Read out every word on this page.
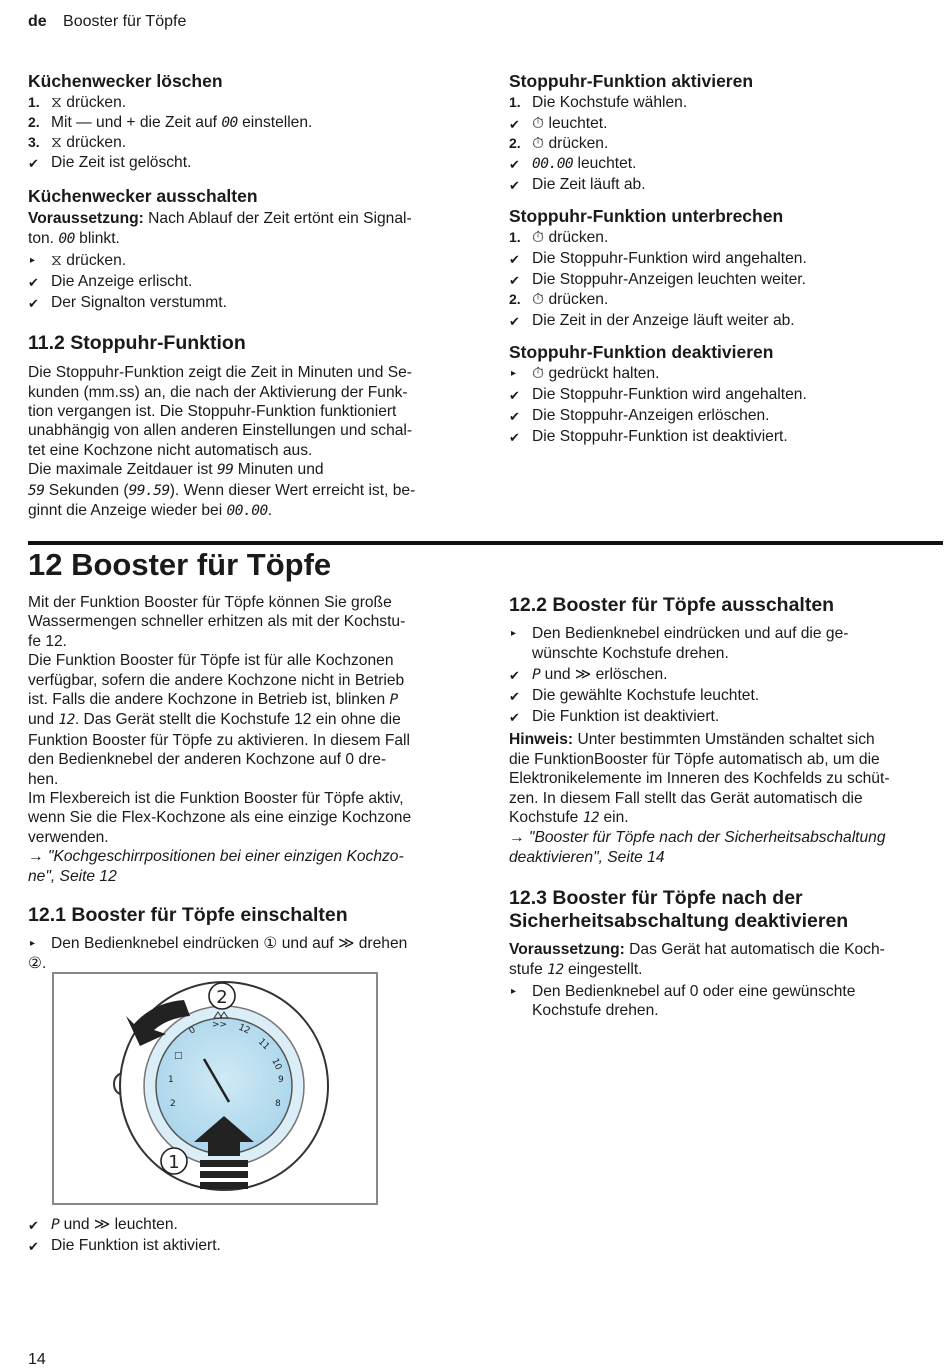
de Booster für Töpfe
Küchenwecker löschen
1. ⧖ drücken.
2. Mit — und + die Zeit auf 00 einstellen.
3. ⧖ drücken.
✔ Die Zeit ist gelöscht.
Küchenwecker ausschalten
Voraussetzung: Nach Ablauf der Zeit ertönt ein Signal-
ton. 00 blinkt.
▸ ⧖ drücken.
✔ Die Anzeige erlischt.
✔ Der Signalton verstummt.
11.2 Stoppuhr-Funktion

Die Stoppuhr-Funktion zeigt die Zeit in Minuten und Se-

kunden (mm.ss) an, die nach der Aktivierung der Funk-

tion vergangen ist. Die Stoppuhr-Funktion funktioniert

unabhängig von allen anderen Einstellungen und schal-

tet eine Kochzone nicht automatisch aus.

Die maximale Zeitdauer ist 99 Minuten und

59 Sekunden (99.59). Wenn dieser Wert erreicht ist, be-

ginnt die Anzeige wieder bei 00.00.

Stoppuhr-Funktion aktivieren
1. Die Kochstufe wählen.
✔ ⏱ leuchtet.
2. ⏱ drücken.
✔ 00.00 leuchtet.
✔ Die Zeit läuft ab.
Stoppuhr-Funktion unterbrechen
1. ⏱ drücken.
✔ Die Stoppuhr-Funktion wird angehalten.
✔ Die Stoppuhr-Anzeigen leuchten weiter.
2. ⏱ drücken.
✔ Die Zeit in der Anzeige läuft weiter ab.
Stoppuhr-Funktion deaktivieren
▸ ⏱ gedrückt halten.
✔ Die Stoppuhr-Funktion wird angehalten.
✔ Die Stoppuhr-Anzeigen erlöschen.
✔ Die Stoppuhr-Funktion ist deaktiviert.
12 Booster für Töpfe

Mit der Funktion Booster für Töpfe können Sie große

Wassermengen schneller erhitzen als mit der Kochstu-

fe 12.

Die Funktion Booster für Töpfe ist für alle Kochzonen

verfügbar, sofern die andere Kochzone nicht in Betrieb

ist. Falls die andere Kochzone in Betrieb ist, blinken P

und 12. Das Gerät stellt die Kochstufe 12 ein ohne die

Funktion Booster für Töpfe zu aktivieren. In diesem Fall

den Bedienknebel der anderen Kochzone auf 0 dre-

hen.

Im Flexbereich ist die Funktion Booster für Töpfe aktiv,

wenn Sie die Flex-Kochzone als eine einzige Kochzone

verwenden.

→ "Kochgeschirrpositionen bei einer einzigen Kochzo-

ne", Seite 12

12.1 Booster für Töpfe einschalten
▸ Den Bedienknebel eindrücken ① und auf ≫ drehen
②.
0
>> 12
11
10
9
8
1
2
□
2
1
✔ P und ≫ leuchten.
✔ Die Funktion ist aktiviert.
12.2 Booster für Töpfe ausschalten
▸ Den Bedienknebel eindrücken und auf die ge-
wünschte Kochstufe drehen.
✔ P und ≫ erlöschen.
✔ Die gewählte Kochstufe leuchtet.
✔ Die Funktion ist deaktiviert.

Hinweis: Unter bestimmten Umständen schaltet sich

die FunktionBooster für Töpfe automatisch ab, um die

Elektronikelemente im Inneren des Kochfelds zu schüt-

zen. In diesem Fall stellt das Gerät automatisch die

Kochstufe 12 ein.

→ "Booster für Töpfe nach der Sicherheitsabschaltung

deaktivieren", Seite 14

12.3 Booster für Töpfe nach der
Sicherheitsabschaltung deaktivieren

Voraussetzung: Das Gerät hat automatisch die Koch-

stufe 12 eingestellt.

▸ Den Bedienknebel auf 0 oder eine gewünschte
Kochstufe drehen.
14
